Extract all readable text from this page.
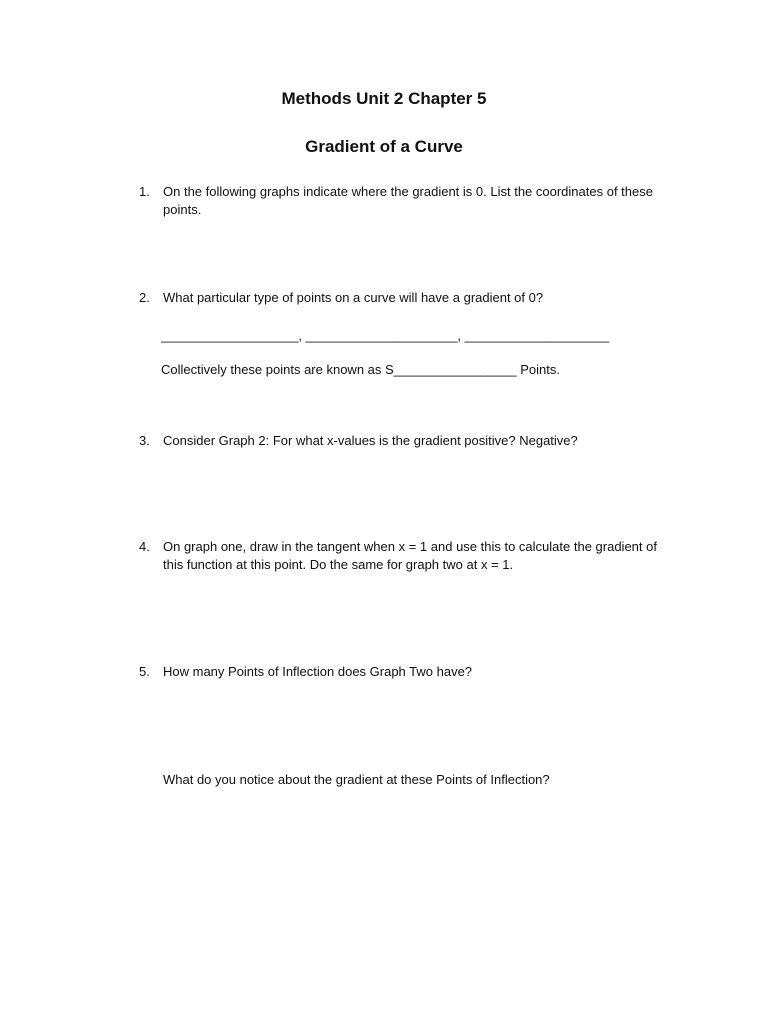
Methods Unit 2 Chapter 5
Gradient of a Curve
1.	On the following graphs indicate where the gradient is 0. List the coordinates of these points.
2.	What particular type of points on a curve will have a gradient of 0?
___________________, _____________________, ____________________
Collectively these points are known as S_________________ Points.
3.	Consider Graph 2: For what x-values is the gradient positive? Negative?
4.	On graph one, draw in the tangent when x = 1 and use this to calculate the gradient of this function at this point. Do the same for graph two at x = 1.
5.	How many Points of Inflection does Graph Two have?
What do you notice about the gradient at these Points of Inflection?
